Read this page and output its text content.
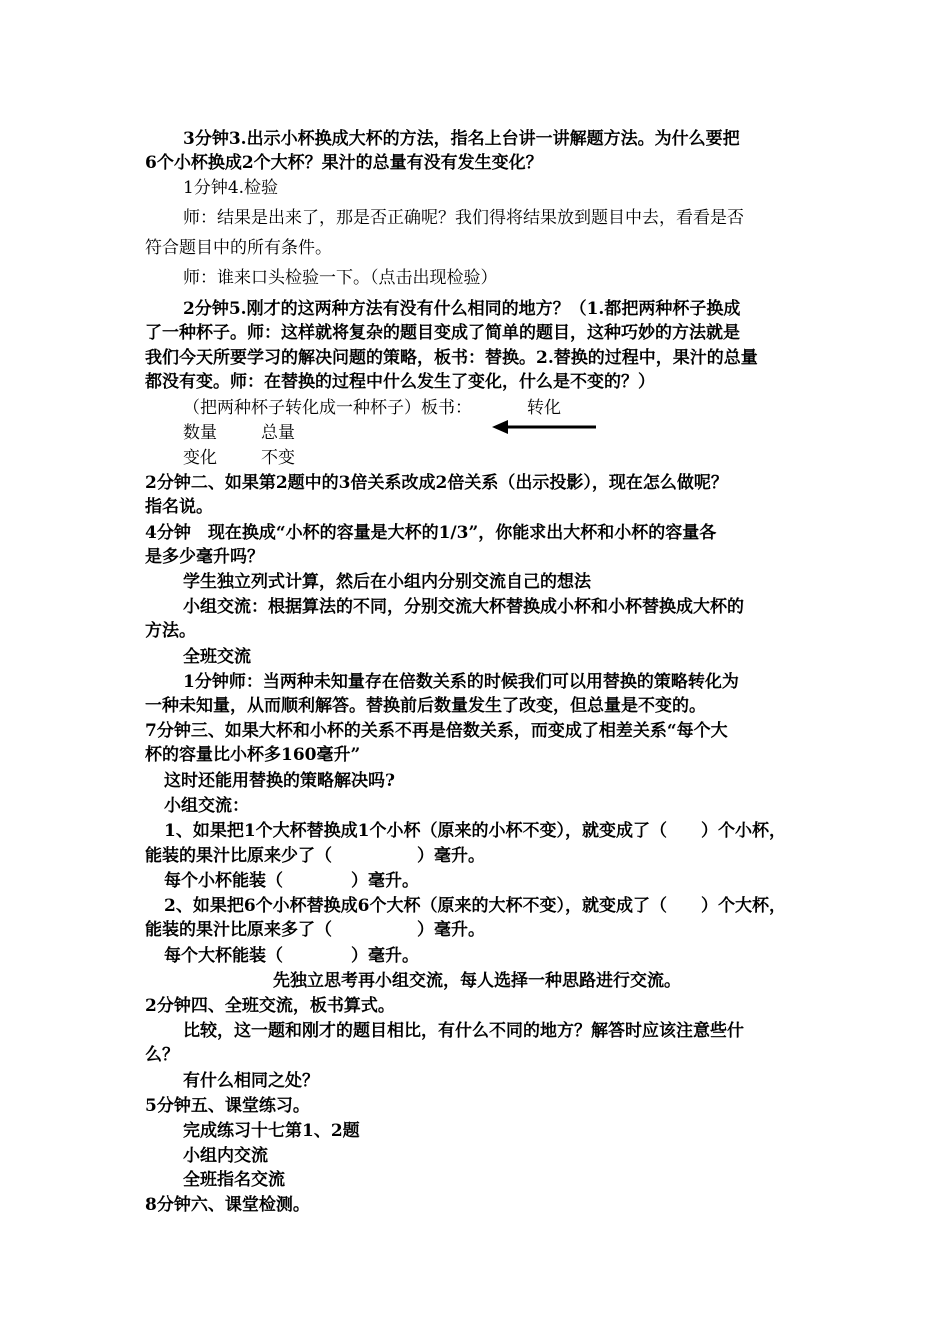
3分钟3.出示小杯换成大杯的方法，指名上台讲一讲解题方法。为什么要把
6个小杯换成2个大杯？果汁的总量有没有发生变化？
1分钟4.检验
师：结果是出来了，那是否正确呢？我们得将结果放到题目中去，看看是否
符合题目中的所有条件。
师：谁来口头检验一下。（点击出现检验）
2分钟5.刚才的这两种方法有没有什么相同的地方？（1.都把两种杯子换成
了一种杯子。师：这样就将复杂的题目变成了简单的题目，这种巧妙的方法就是
我们今天所要学习的解决问题的策略，板书：替换。2.替换的过程中，果汁的总量
都没有变。师：在替换的过程中什么发生了变化，什么是不变的？）
（把两种杯子转化成一种杯子）板书：	转化
数量	总量
变化	不变
2分钟二、如果第2题中的3倍关系改成2倍关系（出示投影），现在怎么做呢？
指名说。
4分钟　现在换成“小杯的容量是大杯的1/3”，你能求出大杯和小杯的容量各
是多少毫升吗？
学生独立列式计算，然后在小组内分别交流自己的想法
小组交流：根据算法的不同，分别交流大杯替换成小杯和小杯替换成大杯的
方法。
全班交流
1分钟师：当两种未知量存在倍数关系的时候我们可以用替换的策略转化为
一种未知量，从而顺利解答。替换前后数量发生了改变，但总量是不变的。
7分钟三、如果大杯和小杯的关系不再是倍数关系，而变成了相差关系“每个大
杯的容量比小杯多160毫升”
这时还能用替换的策略解决吗?
小组交流：
1、如果把1个大杯替换成1个小杯（原来的小杯不变），就变成了（　　）个小杯，
能装的果汁比原来少了（　　　　　）毫升。
每个小杯能装（　　　　）毫升。
2、如果把6个小杯替换成6个大杯（原来的大杯不变），就变成了（　　）个大杯，
能装的果汁比原来多了（　　　　　）毫升。
每个大杯能装（　　　　）毫升。
先独立思考再小组交流，每人选择一种思路进行交流。
2分钟四、全班交流，板书算式。
比较，这一题和刚才的题目相比，有什么不同的地方？解答时应该注意些什
么？
有什么相同之处？
5分钟五、课堂练习。
完成练习十七第1、2题
小组内交流
全班指名交流
8分钟六、课堂检测。
